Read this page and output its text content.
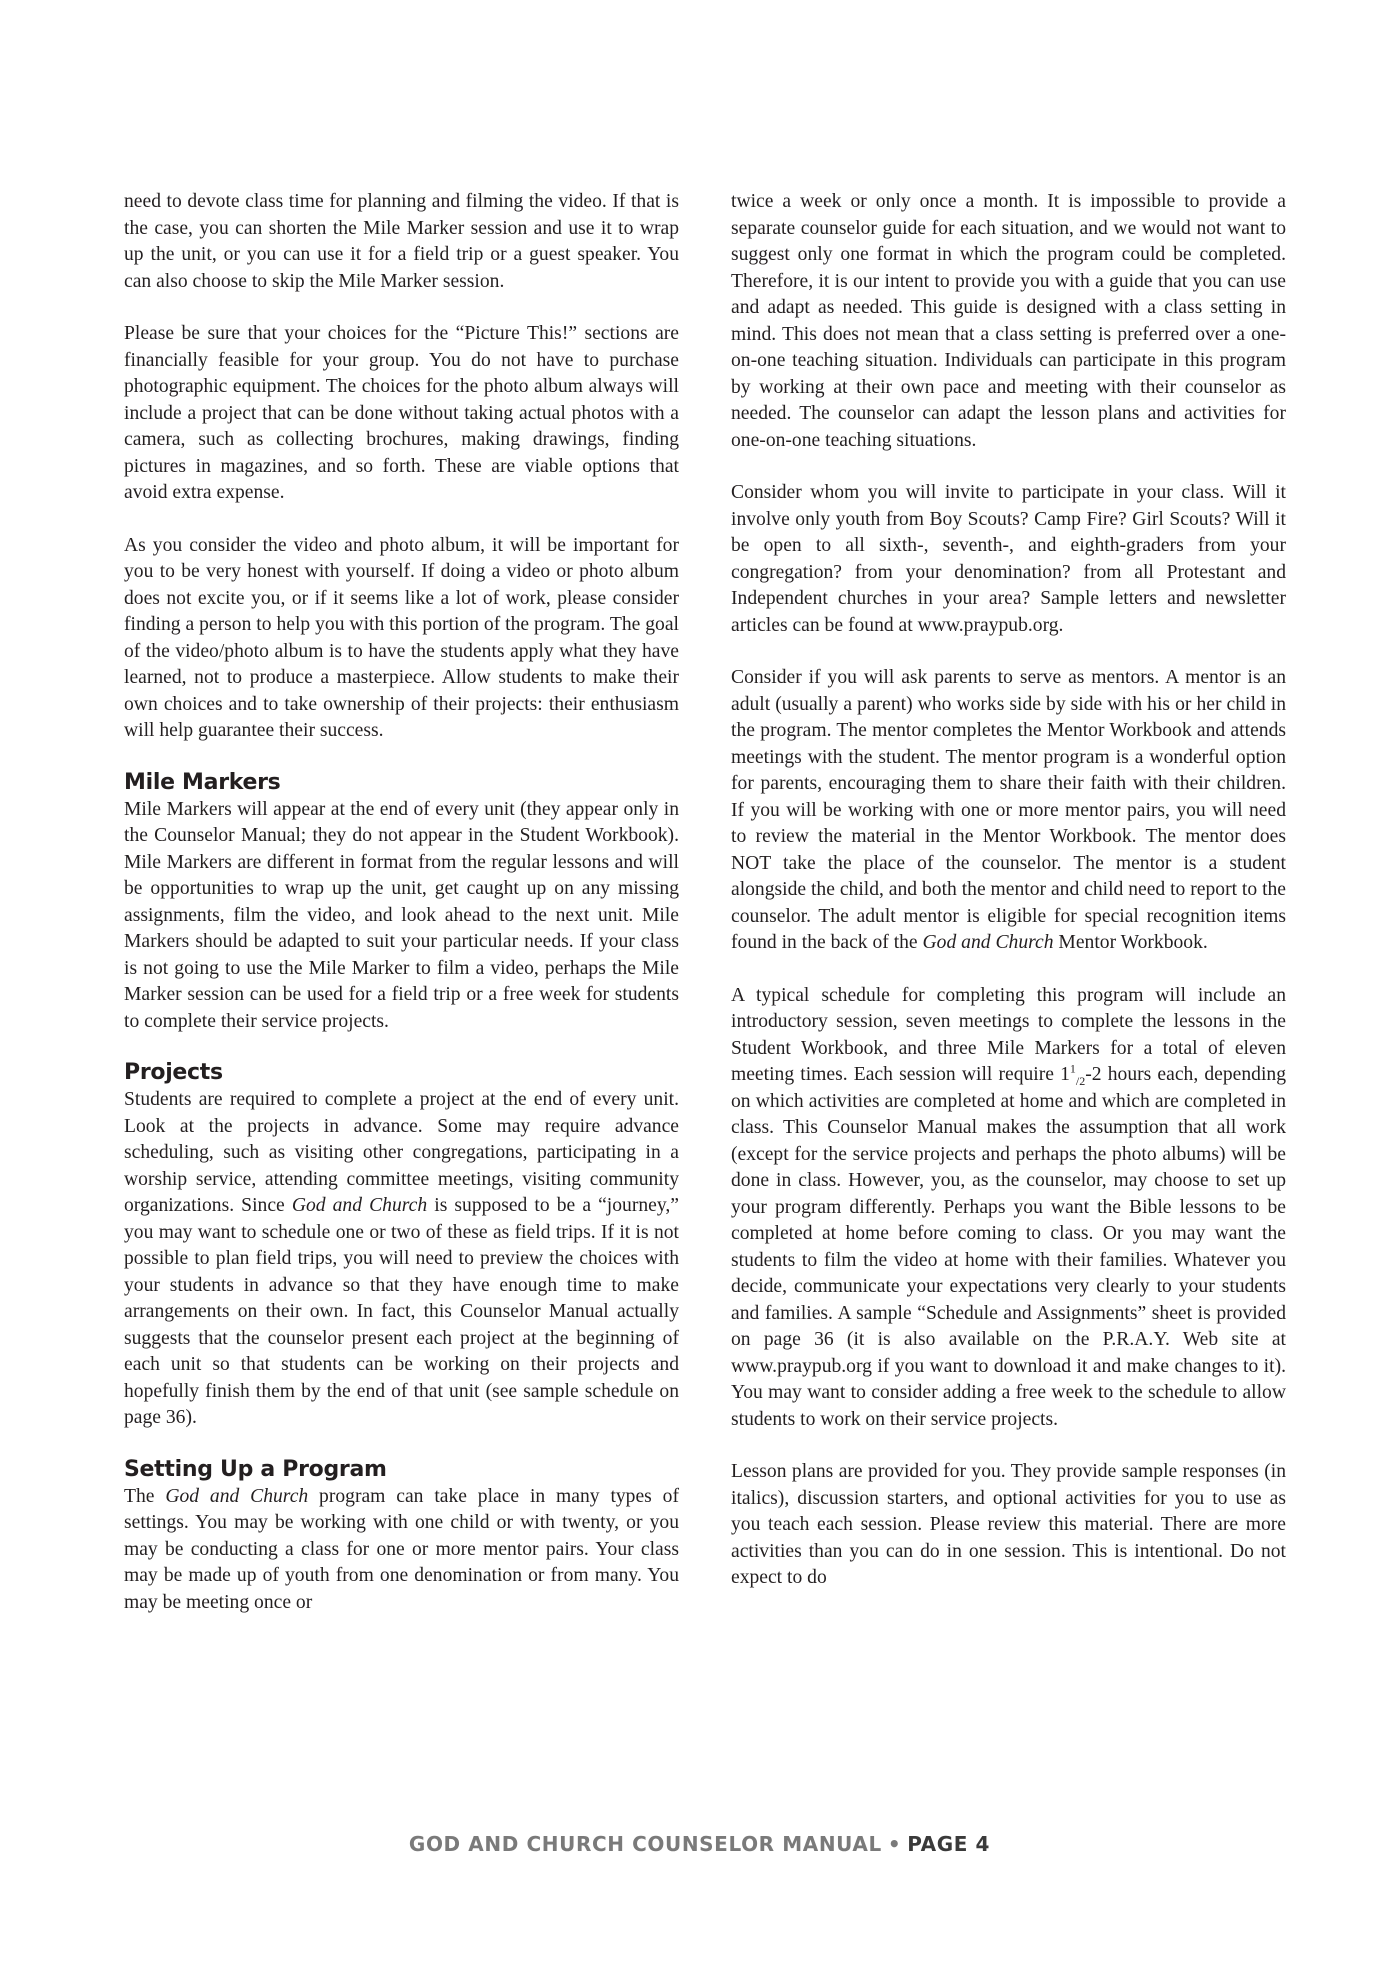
need to devote class time for planning and filming the video. If that is the case, you can shorten the Mile Marker session and use it to wrap up the unit, or you can use it for a field trip or a guest speaker. You can also choose to skip the Mile Marker session.

Please be sure that your choices for the “Picture This!” sections are financially feasible for your group. You do not have to purchase photographic equipment. The choices for the photo album always will include a project that can be done without taking actual photos with a camera, such as collecting brochures, making drawings, finding pictures in magazines, and so forth. These are viable options that avoid extra expense.

As you consider the video and photo album, it will be important for you to be very honest with yourself. If doing a video or photo album does not excite you, or if it seems like a lot of work, please consider finding a person to help you with this portion of the program. The goal of the video/photo album is to have the students apply what they have learned, not to produce a masterpiece. Allow students to make their own choices and to take ownership of their projects: their enthusiasm will help guarantee their success.

Mile Markers

Mile Markers will appear at the end of every unit (they appear only in the Counselor Manual; they do not appear in the Student Workbook). Mile Markers are different in format from the regular lessons and will be opportunities to wrap up the unit, get caught up on any missing assignments, film the video, and look ahead to the next unit. Mile Markers should be adapted to suit your particular needs. If your class is not going to use the Mile Marker to film a video, perhaps the Mile Marker session can be used for a field trip or a free week for students to complete their service projects.

Projects

Students are required to complete a project at the end of every unit. Look at the projects in advance. Some may require advance scheduling, such as visiting other congregations, participating in a worship service, attending committee meetings, visiting community organizations. Since God and Church is supposed to be a “journey,” you may want to schedule one or two of these as field trips. If it is not possible to plan field trips, you will need to preview the choices with your students in advance so that they have enough time to make arrangements on their own. In fact, this Counselor Manual actually suggests that the counselor present each project at the beginning of each unit so that students can be working on their projects and hopefully finish them by the end of that unit (see sample schedule on page 36).

Setting Up a Program

The God and Church program can take place in many types of settings. You may be working with one child or with twenty, or you may be conducting a class for one or more mentor pairs. Your class may be made up of youth from one denomination or from many. You may be meeting once or

twice a week or only once a month. It is impossible to provide a separate counselor guide for each situation, and we would not want to suggest only one format in which the program could be completed. Therefore, it is our intent to provide you with a guide that you can use and adapt as needed. This guide is designed with a class setting in mind. This does not mean that a class setting is preferred over a one-on-one teaching situation. Individuals can participate in this program by working at their own pace and meeting with their counselor as needed. The counselor can adapt the lesson plans and activities for one-on-one teaching situations.

Consider whom you will invite to participate in your class. Will it involve only youth from Boy Scouts? Camp Fire? Girl Scouts? Will it be open to all sixth-, seventh-, and eighth-graders from your congregation? from your denomination? from all Protestant and Independent churches in your area? Sample letters and newsletter articles can be found at www.praypub.org.

Consider if you will ask parents to serve as mentors. A mentor is an adult (usually a parent) who works side by side with his or her child in the program. The mentor completes the Mentor Workbook and attends meetings with the student. The mentor program is a wonderful option for parents, encouraging them to share their faith with their children. If you will be working with one or more mentor pairs, you will need to review the material in the Mentor Workbook. The mentor does NOT take the place of the counselor. The mentor is a student alongside the child, and both the mentor and child need to report to the counselor. The adult mentor is eligible for special recognition items found in the back of the God and Church Mentor Workbook.

A typical schedule for completing this program will include an introductory session, seven meetings to complete the lessons in the Student Workbook, and three Mile Markers for a total of eleven meeting times. Each session will require $1^1_{/2}-2$ hours each, depending on which activities are completed at home and which are completed in class. This Counselor Manual makes the assumption that all work (except for the service projects and perhaps the photo albums) will be done in class. However, you, as the counselor, may choose to set up your program differently. Perhaps you want the Bible lessons to be completed at home before coming to class. Or you may want the students to film the video at home with their families. Whatever you decide, communicate your expectations very clearly to your students and families. A sample “Schedule and Assignments” sheet is provided on page 36 (it is also available on the P.R.A.Y. Web site at www.praypub.org if you want to download it and make changes to it). You may want to consider adding a free week to the schedule to allow students to work on their service projects.

Lesson plans are provided for you. They provide sample responses (in italics), discussion starters, and optional activities for you to use as you teach each session. Please review this material. There are more activities than you can do in one session. This is intentional. Do not expect to do

GOD AND CHURCH COUNSELOR MANUAL • PAGE 4
